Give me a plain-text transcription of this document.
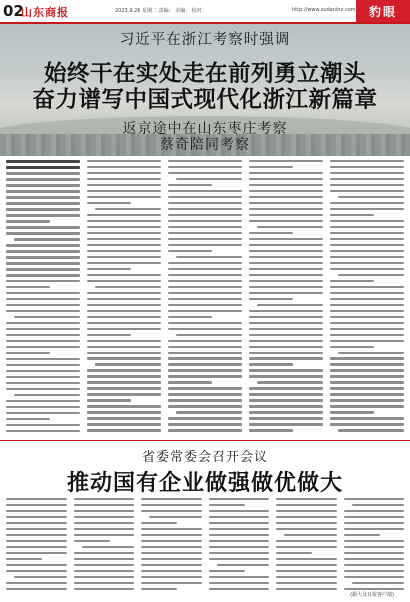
02
山东商报	2023.9.26 星期二 责编： 美编： 校对：	http://www.sudaninx.com	豹眼
习近平在浙江考察时强调
始终干在实处走在前列勇立潮头
奋力谱写中国式现代化浙江新篇章
返京途中在山东枣庄考察
蔡奇陪同考察
省委常委会召开会议
推动国有企业做强做优做大
(据大众日报客户端)
